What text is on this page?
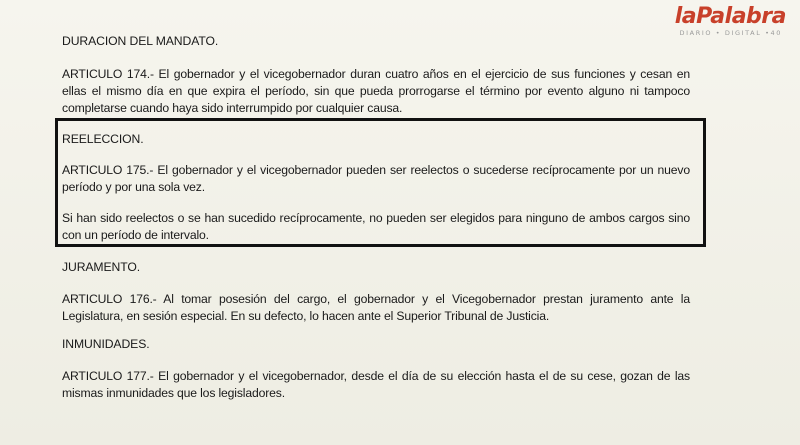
laPalabra
DIARIO • DIGITAL •40
DURACION DEL MANDATO.
ARTICULO 174.- El gobernador y el vicegobernador duran cuatro años en el ejercicio de sus funciones y cesan en ellas el mismo día en que expira el período, sin que pueda prorrogarse el término por evento alguno ni tampoco completarse cuando haya sido interrumpido por cualquier causa.
REELECCION.
ARTICULO 175.- El gobernador y el vicegobernador pueden ser reelectos o sucederse recíprocamente por un nuevo período y por una sola vez.
Si han sido reelectos o se han sucedido recíprocamente, no pueden ser elegidos para ninguno de ambos cargos sino con un período de intervalo.
JURAMENTO.
ARTICULO 176.- Al tomar posesión del cargo, el gobernador y el Vicegobernador prestan juramento ante la Legislatura, en sesión especial. En su defecto, lo hacen ante el Superior Tribunal de Justicia.
INMUNIDADES.
ARTICULO 177.- El gobernador y el vicegobernador, desde el día de su elección hasta el de su cese, gozan de las mismas inmunidades que los legisladores.
